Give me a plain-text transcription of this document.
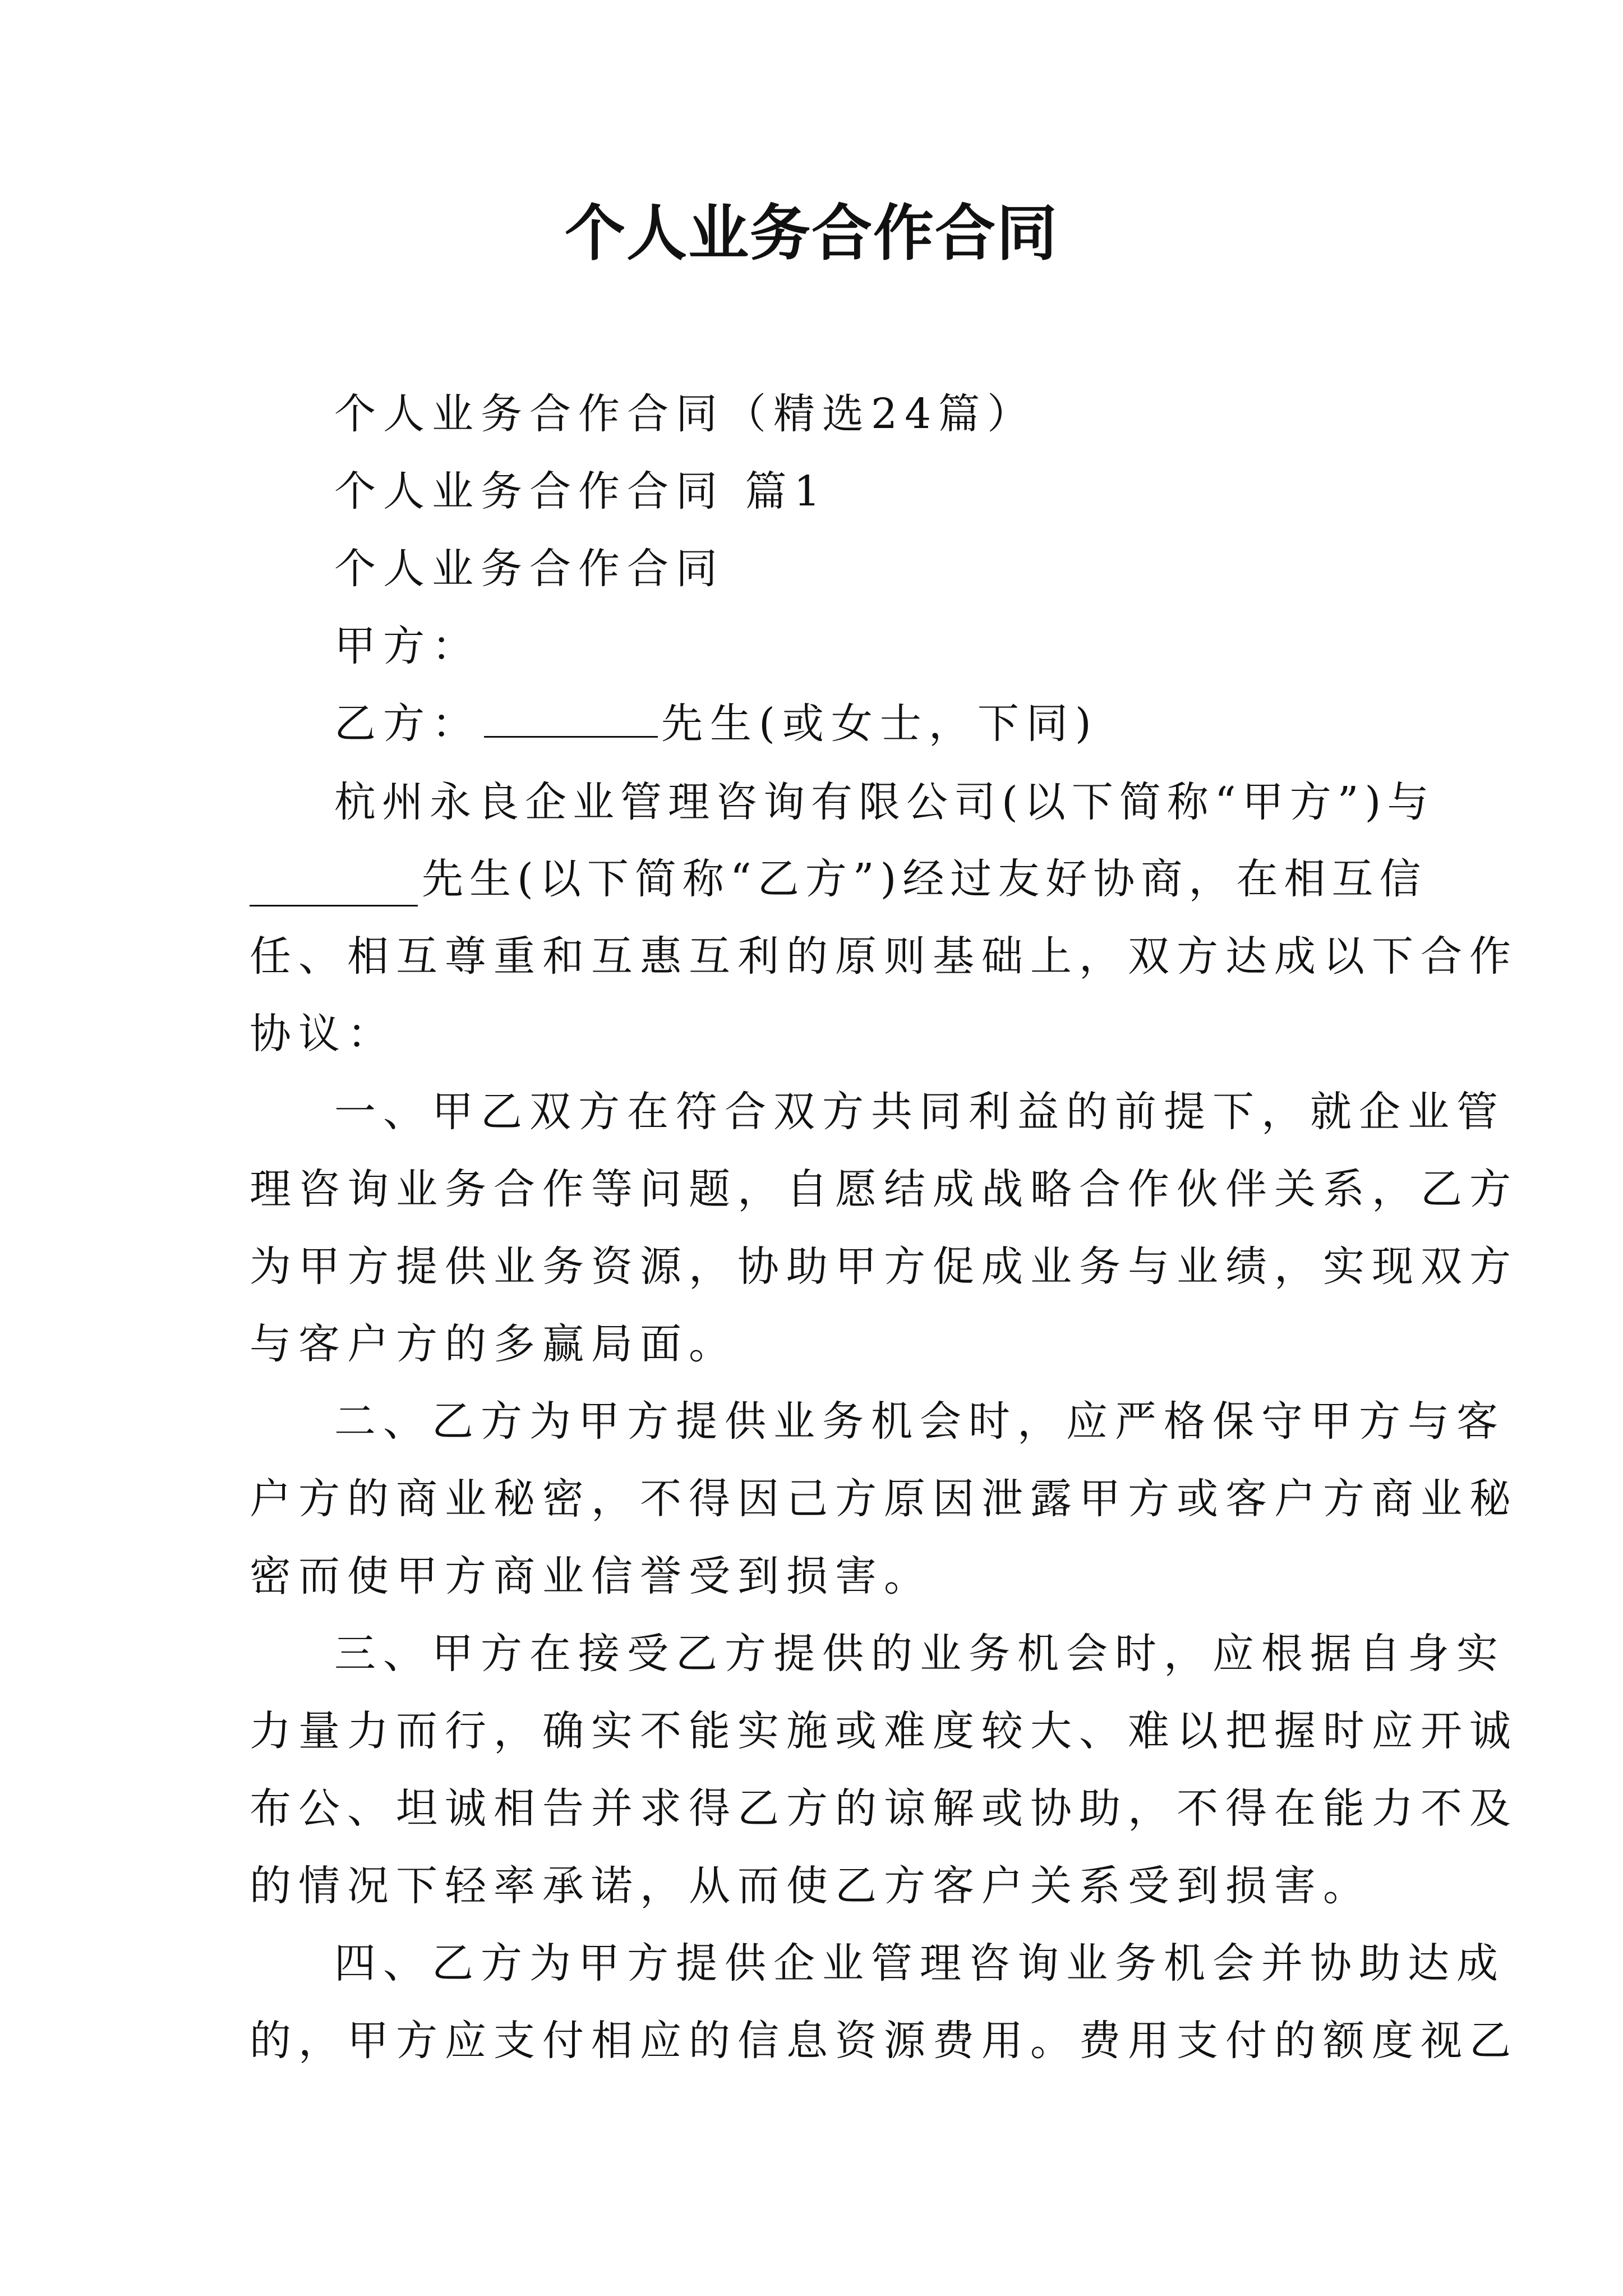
个人业务合作合同
个人业务合作合同（精选24篇）
个人业务合作合同 篇1
个人业务合作合同
甲方：
乙方：	先生(或女士，下同)
杭州永良企业管理咨询有限公司(以下简称“甲方”)与
先生(以下简称“乙方”)经过友好协商，在相互信
任、相互尊重和互惠互利的原则基础上，双方达成以下合作
协议：
一、甲乙双方在符合双方共同利益的前提下，就企业管
理咨询业务合作等问题，自愿结成战略合作伙伴关系，乙方
为甲方提供业务资源，协助甲方促成业务与业绩，实现双方
与客户方的多赢局面。
二、乙方为甲方提供业务机会时，应严格保守甲方与客
户方的商业秘密，不得因己方原因泄露甲方或客户方商业秘
密而使甲方商业信誉受到损害。
三、甲方在接受乙方提供的业务机会时，应根据自身实
力量力而行，确实不能实施或难度较大、难以把握时应开诚
布公、坦诚相告并求得乙方的谅解或协助，不得在能力不及
的情况下轻率承诺，从而使乙方客户关系受到损害。
四、乙方为甲方提供企业管理咨询业务机会并协助达成
的，甲方应支付相应的信息资源费用。费用支付的额度视乙
